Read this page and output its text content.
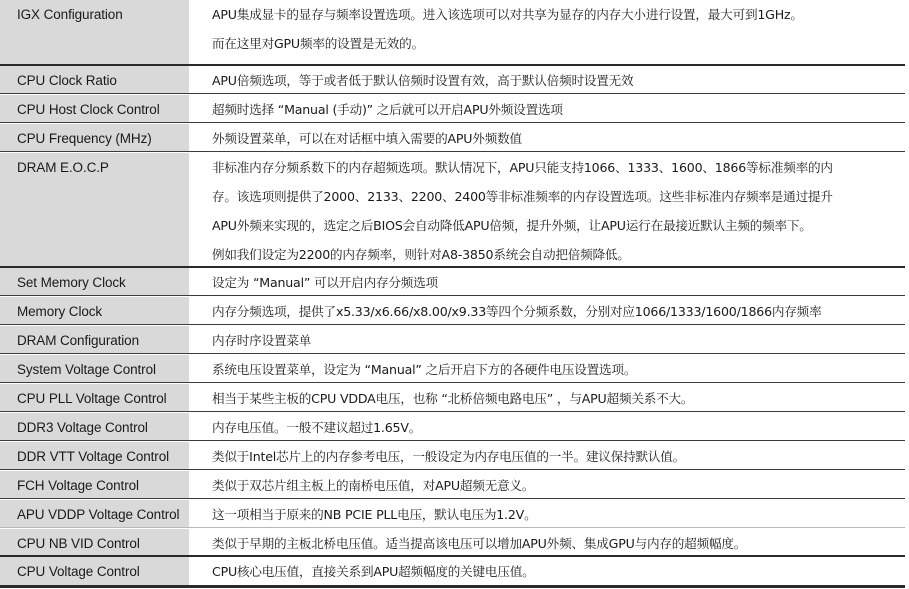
IGX Configuration	APU集成显卡的显存与频率设置选项。进入该选项可以对共享为显存的内存大小进行设置，最大可到1GHz。
而在这里对GPU频率的设置是无效的。
CPU Clock Ratio	APU倍频选项，等于或者低于默认倍频时设置有效，高于默认倍频时设置无效
CPU Host Clock Control	超频时选择 “Manual (手动)” 之后就可以开启APU外频设置选项
CPU Frequency (MHz)	外频设置菜单，可以在对话框中填入需要的APU外频数值
DRAM E.O.C.P	非标准内存分频系数下的内存超频选项。默认情况下，APU只能支持1066、1333、1600、1866等标准频率的内
存。该选项则提供了2000、2133、2200、2400等非标准频率的内存设置选项。这些非标准内存频率是通过提升
APU外频来实现的，选定之后BIOS会自动降低APU倍频，提升外频，让APU运行在最接近默认主频的频率下。
例如我们设定为2200的内存频率，则针对A8-3850系统会自动把倍频降低。
Set Memory Clock	设定为 “Manual” 可以开启内存分频选项
Memory Clock	内存分频选项，提供了x5.33/x6.66/x8.00/x9.33等四个分频系数，分别对应1066/1333/1600/1866内存频率
DRAM Configuration	内存时序设置菜单
System Voltage Control	系统电压设置菜单，设定为 “Manual” 之后开启下方的各硬件电压设置选项。
CPU PLL Voltage Control	相当于某些主板的CPU VDDA电压，也称 “北桥倍频电路电压” ，与APU超频关系不大。
DDR3 Voltage Control	内存电压值。一般不建议超过1.65V。
DDR VTT Voltage Control	类似于Intel芯片上的内存参考电压，一般设定为内存电压值的一半。建议保持默认值。
FCH Voltage Control	类似于双芯片组主板上的南桥电压值，对APU超频无意义。
APU VDDP Voltage Control	这一项相当于原来的NB PCIE PLL电压，默认电压为1.2V。
CPU NB VID Control	类似于早期的主板北桥电压值。适当提高该电压可以增加APU外频、集成GPU与内存的超频幅度。
CPU Voltage Control	CPU核心电压值，直接关系到APU超频幅度的关键电压值。
